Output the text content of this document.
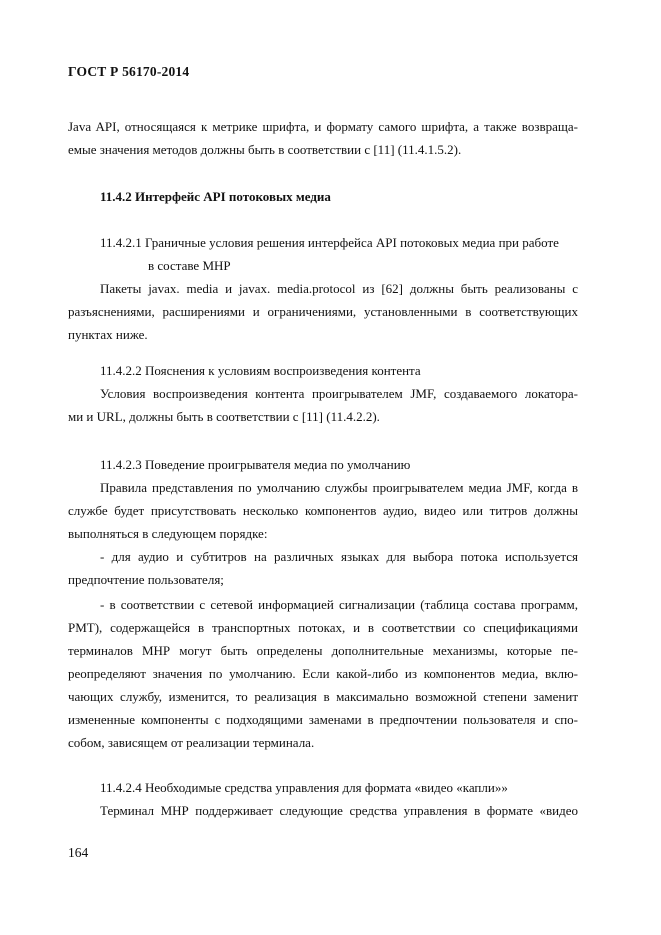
ГОСТ Р 56170-2014

Java API, относящаяся к метрике шрифта, и формату самого шрифта, а также возвраща-

емые значения методов должны быть в соответствии с [11] (11.4.1.5.2).

11.4.2 Интерфейс API потоковых медиа

11.4.2.1 Граничные условия решения интерфейса API потоковых медиа при работе

в составе МНР

Пакеты javax. media и javax. media.protocol из [62] должны быть реализованы с

разъяснениями, расширениями и ограничениями, установленными в соответствующих

пунктах ниже.

11.4.2.2 Пояснения к условиям воспроизведения контента

Условия воспроизведения контента проигрывателем JMF, создаваемого локатора-

ми и URL, должны быть в соответствии с [11] (11.4.2.2).

11.4.2.3 Поведение проигрывателя медиа по умолчанию

Правила представления по умолчанию службы проигрывателем медиа JMF, когда в

службе будет присутствовать несколько компонентов аудио, видео или титров должны

выполняться в следующем порядке:

- для аудио и субтитров на различных языках для выбора потока используется

предпочтение пользователя;

- в соответствии с сетевой информацией сигнализации (таблица состава программ,

РМТ), содержащейся в транспортных потоках, и в соответствии со спецификациями

терминалов МНР могут быть определены дополнительные механизмы, которые пе-

реопределяют значения по умолчанию. Если какой-либо из компонентов медиа, вклю-

чающих службу, изменится, то реализация в максимально возможной степени заменит

измененные компоненты с подходящими заменами в предпочтении пользователя и спо-

собом, зависящем от реализации терминала.

11.4.2.4 Необходимые средства управления для формата «видео «капли»»

Терминал МНР поддерживает следующие средства управления в формате «видео

164
